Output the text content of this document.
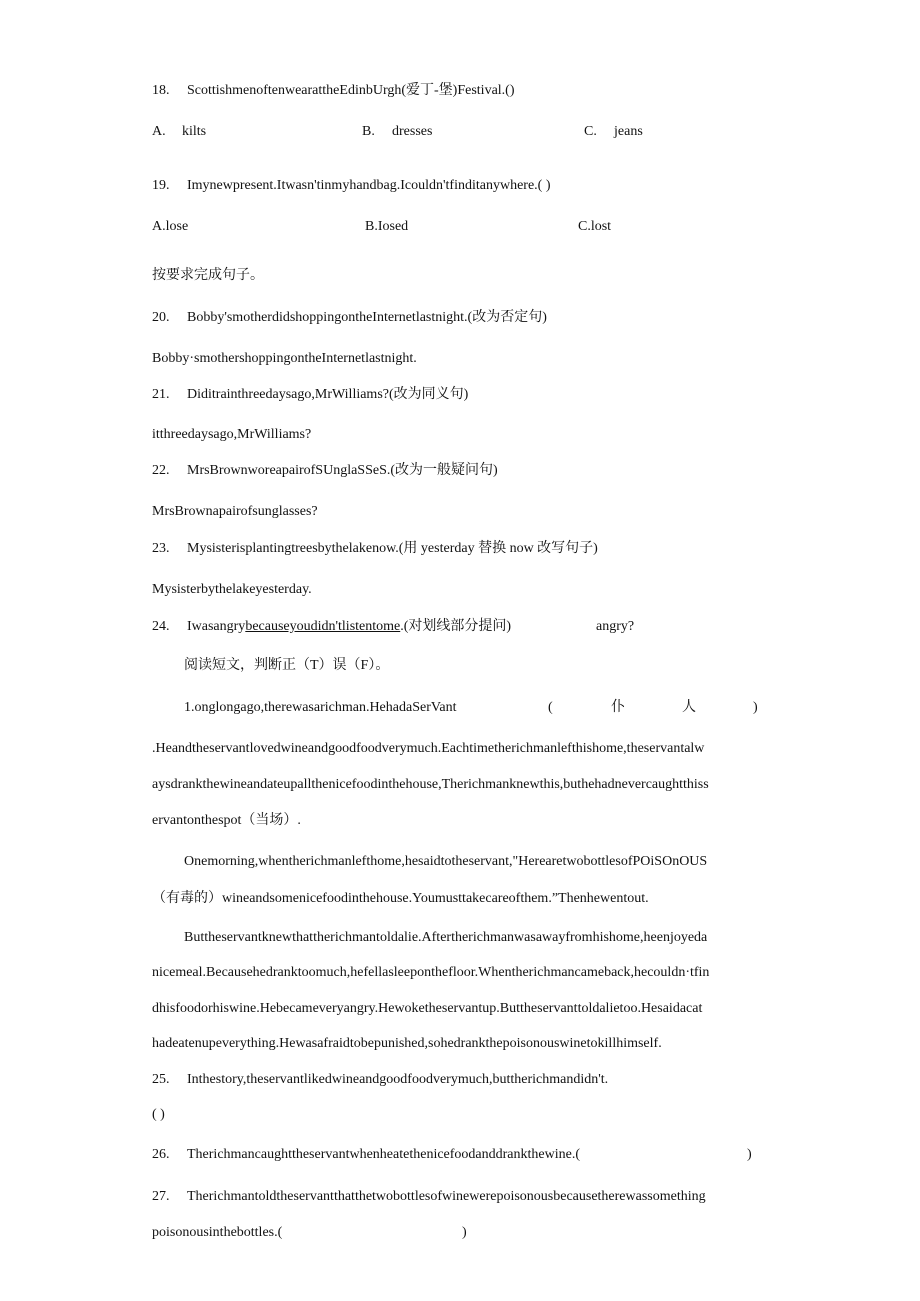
18. ScottishmenoftenwearattheEdinbUrgh(爱丁-堡)Festival.()
A. kilts	B. dresses	C. jeans
19. Imynewpresent.Itwasn'tinmyhandbag.Icouldn'tfinditanywhere.( )
A.lose	B.Iosed	C.lost
按要求完成句子。
20. Bobby'smotherdidshoppingontheInternetlastnight.(改为否定句)
Bobby·smothershoppingontheInternetlastnight.
21. Diditrainthreedaysago,MrWilliams?(改为同义句)
itthreedaysago,MrWilliams?
22. MrsBrownworeapairofSUnglaSSeS.(改为一般疑问句)
MrsBrownapairofsunglasses?
23. Mysisterisplantingtreesbythelakenow.(用 yesterday 替换 now 改写句子)
Mysisterbythelakeyesterday.
24. Iwasangrybecauseyoudidn'tlistentome.(对划线部分提问)	angry?
阅读短文，判断正（T）误（F）。
1.onglongago,therewasarichman.HehadaSerVant	(	仆	人	)
.Heandtheservantlovedwineandgoodfoodverymuch.Eachtimetherichmanlefthishome,theservantalw
aysdrankthewineandateupallthenicefoodinthehouse,Therichmanknewthis,buthehadnevercaughtthiss
ervantonthespot（当场）.
Onemorning,whentherichmanlefthome,hesaidtotheservant,"HerearetwobottlesofPOiSOnOUS
（有毒的）wineandsomenicefoodinthehouse.Youmusttakecareofthem.”Thenhewentout.
Buttheservantknewthattherichmantoldalie.Aftertherichmanwasawayfromhishome,heenjoyeda
nicemeal.Becausehedranktoomuch,hefellasleeponthefloor.Whentherichmancameback,hecouldn·tfin
dhisfoodorhiswine.Hebecameveryangry.Hewoketheservantup.Buttheservanttoldalietoo.Hesaidacat
hadeatenupeverything.Hewasafraidtobepunished,sohedrankthepoisonouswinetokillhimself.
25. Inthestory,theservantlikedwineandgoodfoodverymuch,buttherichmandidn't.
( )
26. Therichmancaughttheservantwhenheatethenicefoodanddrankthewine.(	)
27. Therichmantoldtheservantthatthetwobottlesofwinewerepoisonousbecausetherewassomething
poisonousinthebottles.(	)
